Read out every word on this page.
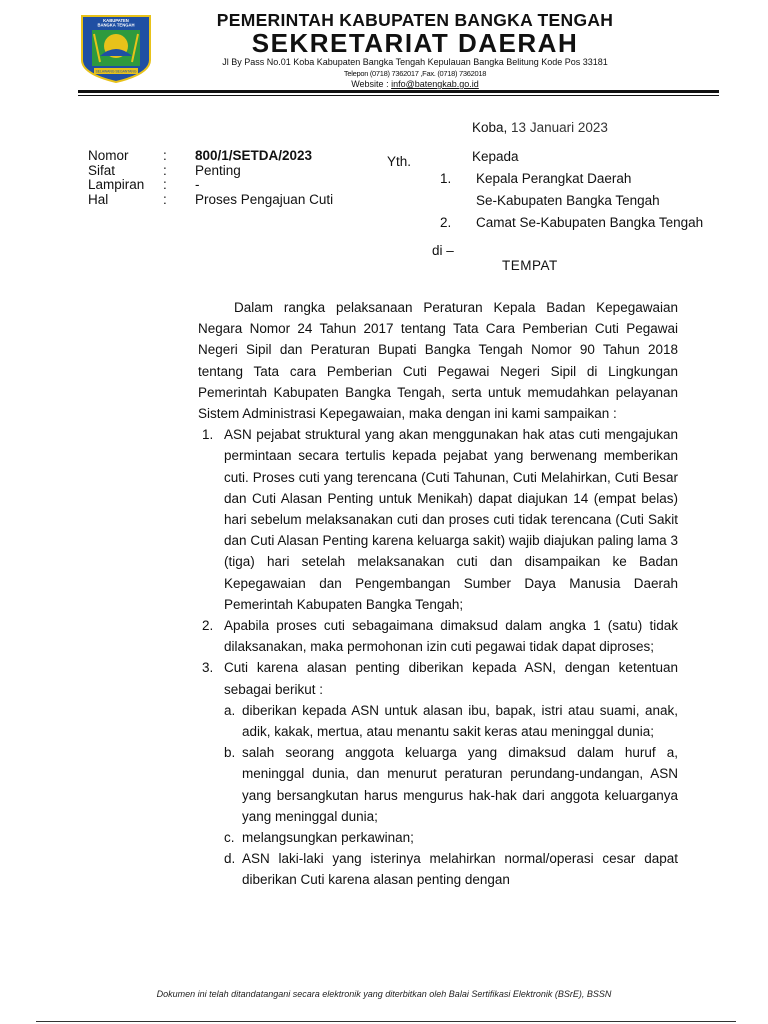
KABUPATEN
BANGKA TENGAH
SELAWANG SEGANTANG
PEMERINTAH KABUPATEN BANGKA TENGAH
SEKRETARIAT DAERAH
Jl By Pass No.01 Koba Kabupaten Bangka Tengah Kepulauan Bangka Belitung Kode Pos 33181
Telepon (0718) 7362017 ,Fax. (0718) 7362018
Website : info@batengkab.go.id
Koba, 13 Januari 2023
Nomor	: 800/1/SETDA/2023
Sifat	: Penting
Lampiran : -
Hal	: Proses Pengajuan Cuti
Yth.	Kepada
1. Kepala Perangkat Daerah
Se-Kabupaten Bangka Tengah
2. Camat Se-Kabupaten Bangka Tengah
di –
TEMPAT

Dalam rangka pelaksanaan Peraturan Kepala Badan Kepegawaian Negara Nomor 24 Tahun 2017 tentang Tata Cara Pemberian Cuti Pegawai Negeri Sipil dan Peraturan Bupati Bangka Tengah Nomor 90 Tahun 2018 tentang Tata cara Pemberian Cuti Pegawai Negeri Sipil di Lingkungan Pemerintah Kabupaten Bangka Tengah, serta untuk memudahkan pelayanan Sistem Administrasi Kepegawaian, maka dengan ini kami sampaikan :

1. ASN pejabat struktural yang akan menggunakan hak atas cuti mengajukan permintaan secara tertulis kepada pejabat yang berwenang memberikan cuti. Proses cuti yang terencana (Cuti Tahunan, Cuti Melahirkan, Cuti Besar dan Cuti Alasan Penting untuk Menikah) dapat diajukan 14 (empat belas) hari sebelum melaksanakan cuti dan proses cuti tidak terencana (Cuti Sakit dan Cuti Alasan Penting karena keluarga sakit) wajib diajukan paling lama 3 (tiga) hari setelah melaksanakan cuti dan disampaikan ke Badan Kepegawaian dan Pengembangan Sumber Daya Manusia Daerah Pemerintah Kabupaten Bangka Tengah;
2. Apabila proses cuti sebagaimana dimaksud dalam angka 1 (satu) tidak dilaksanakan, maka permohonan izin cuti pegawai tidak dapat diproses;
3. Cuti karena alasan penting diberikan kepada ASN, dengan ketentuan sebagai berikut :
a. diberikan kepada ASN untuk alasan ibu, bapak, istri atau suami, anak, adik, kakak, mertua, atau menantu sakit keras atau meninggal dunia;
b. salah seorang anggota keluarga yang dimaksud dalam huruf a, meninggal dunia, dan menurut peraturan perundang-undangan, ASN yang bersangkutan harus mengurus hak-hak dari anggota keluarganya yang meninggal dunia;
c. melangsungkan perkawinan;
d. ASN laki-laki yang isterinya melahirkan normal/operasi cesar dapat diberikan Cuti karena alasan penting dengan
Dokumen ini telah ditandatangani secara elektronik yang diterbitkan oleh Balai Sertifikasi Elektronik (BSrE), BSSN
